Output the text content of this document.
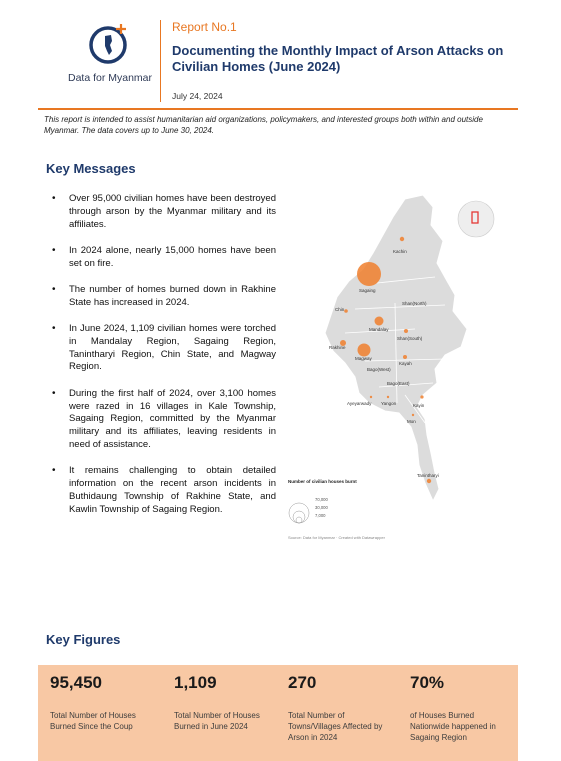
Data for Myanmar
Report No.1
Documenting the Monthly Impact of Arson Attacks on Civilian Homes (June 2024)
July 24, 2024
This report is intended to assist humanitarian aid organizations, policymakers, and interested groups both within and outside Myanmar. The data covers up to June 30, 2024.
Key Messages
• Over 95,000 civilian homes have been destroyed through arson by the Myanmar military and its affiliates.
• In 2024 alone, nearly 15,000 homes have been set on fire.
• The number of homes burned down in Rakhine State has increased in 2024.
• In June 2024, 1,109 civilian homes were torched in Mandalay Region, Sagaing Region, Tanintharyi Region, Chin State, and Magway Region.
• During the first half of 2024, over 3,100 homes were razed in 16 villages in Kale Township, Sagaing Region, committed by the Myanmar military and its affiliates, leaving residents in need of assistance.
• It remains challenging to obtain detailed information on the recent arson incidents in Buthidaung Township of Rakhine State, and Kawlin Township of Sagaing Region.
Kachin
Sagaing
Shan(North)
Chin
Mandalay
Shan(South)
Rakhine
Magway
Kayah
Bago(West)
Bago(East)
Ayeyarwady Yangon	Kayin
Mon
Tanintharyi
Number of civilian houses burnt
70,000
30,000
7,000
Source: Data for Myanmar · Created with Datawrapper
Key Figures
95,450
Total Number of Houses Burned Since the Coup
1,109
Total Number of Houses Burned in June 2024
270
Total Number of Towns/Villages Affected by Arson in 2024
70%
of Houses Burned Nationwide happened in Sagaing Region
